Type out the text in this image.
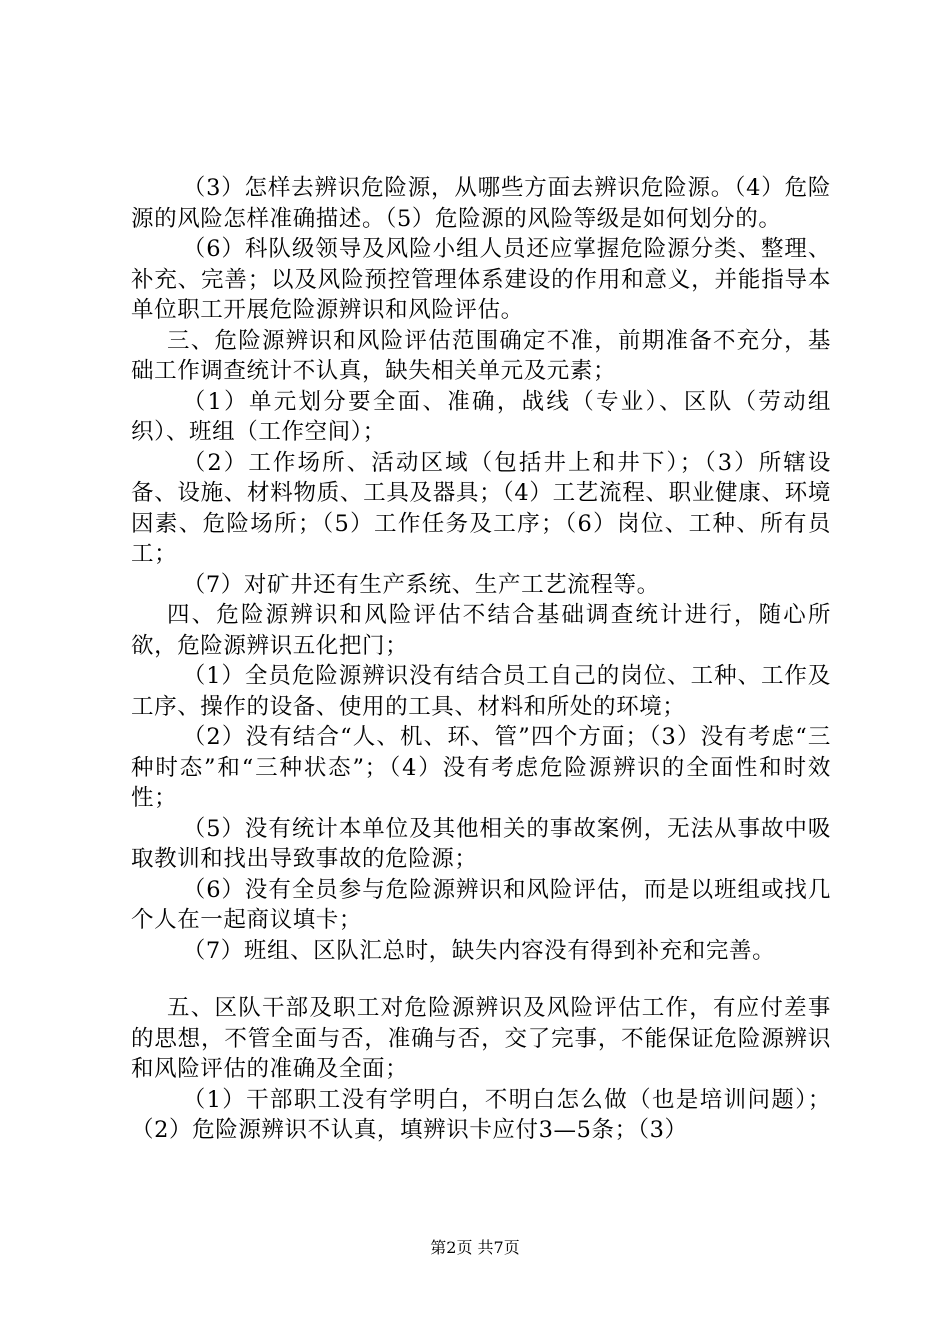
（3）怎样去辨识危险源，从哪些方面去辨识危险源。（4）危险源的风险怎样准确描述。（5）危险源的风险等级是如何划分的。

（6）科队级领导及风险小组人员还应掌握危险源分类、整理、补充、完善；以及风险预控管理体系建设的作用和意义，并能指导本单位职工开展危险源辨识和风险评估。

三、危险源辨识和风险评估范围确定不准，前期准备不充分，基础工作调查统计不认真，缺失相关单元及元素；

（1）单元划分要全面、准确，战线（专业）、区队（劳动组织）、班组（工作空间）；

（2）工作场所、活动区域（包括井上和井下）；（3）所辖设备、设施、材料物质、工具及器具；（4）工艺流程、职业健康、环境因素、危险场所；（5）工作任务及工序；（6）岗位、工种、所有员工；

（7）对矿井还有生产系统、生产工艺流程等。

四、危险源辨识和风险评估不结合基础调查统计进行，随心所欲，危险源辨识五化把门；

（1）全员危险源辨识没有结合员工自己的岗位、工种、工作及工序、操作的设备、使用的工具、材料和所处的环境；

（2）没有结合“人、机、环、管”四个方面；（3）没有考虑“三种时态”和“三种状态”；（4）没有考虑危险源辨识的全面性和时效性；

（5）没有统计本单位及其他相关的事故案例，无法从事故中吸取教训和找出导致事故的危险源；

（6）没有全员参与危险源辨识和风险评估，而是以班组或找几个人在一起商议填卡；

（7）班组、区队汇总时，缺失内容没有得到补充和完善。

五、区队干部及职工对危险源辨识及风险评估工作，有应付差事的思想，不管全面与否，准确与否，交了完事，不能保证危险源辨识和风险评估的准确及全面；

（1）干部职工没有学明白，不明白怎么做（也是培训问题）；（2）危险源辨识不认真，填辨识卡应付3—5条；（3）

第2页 共7页
